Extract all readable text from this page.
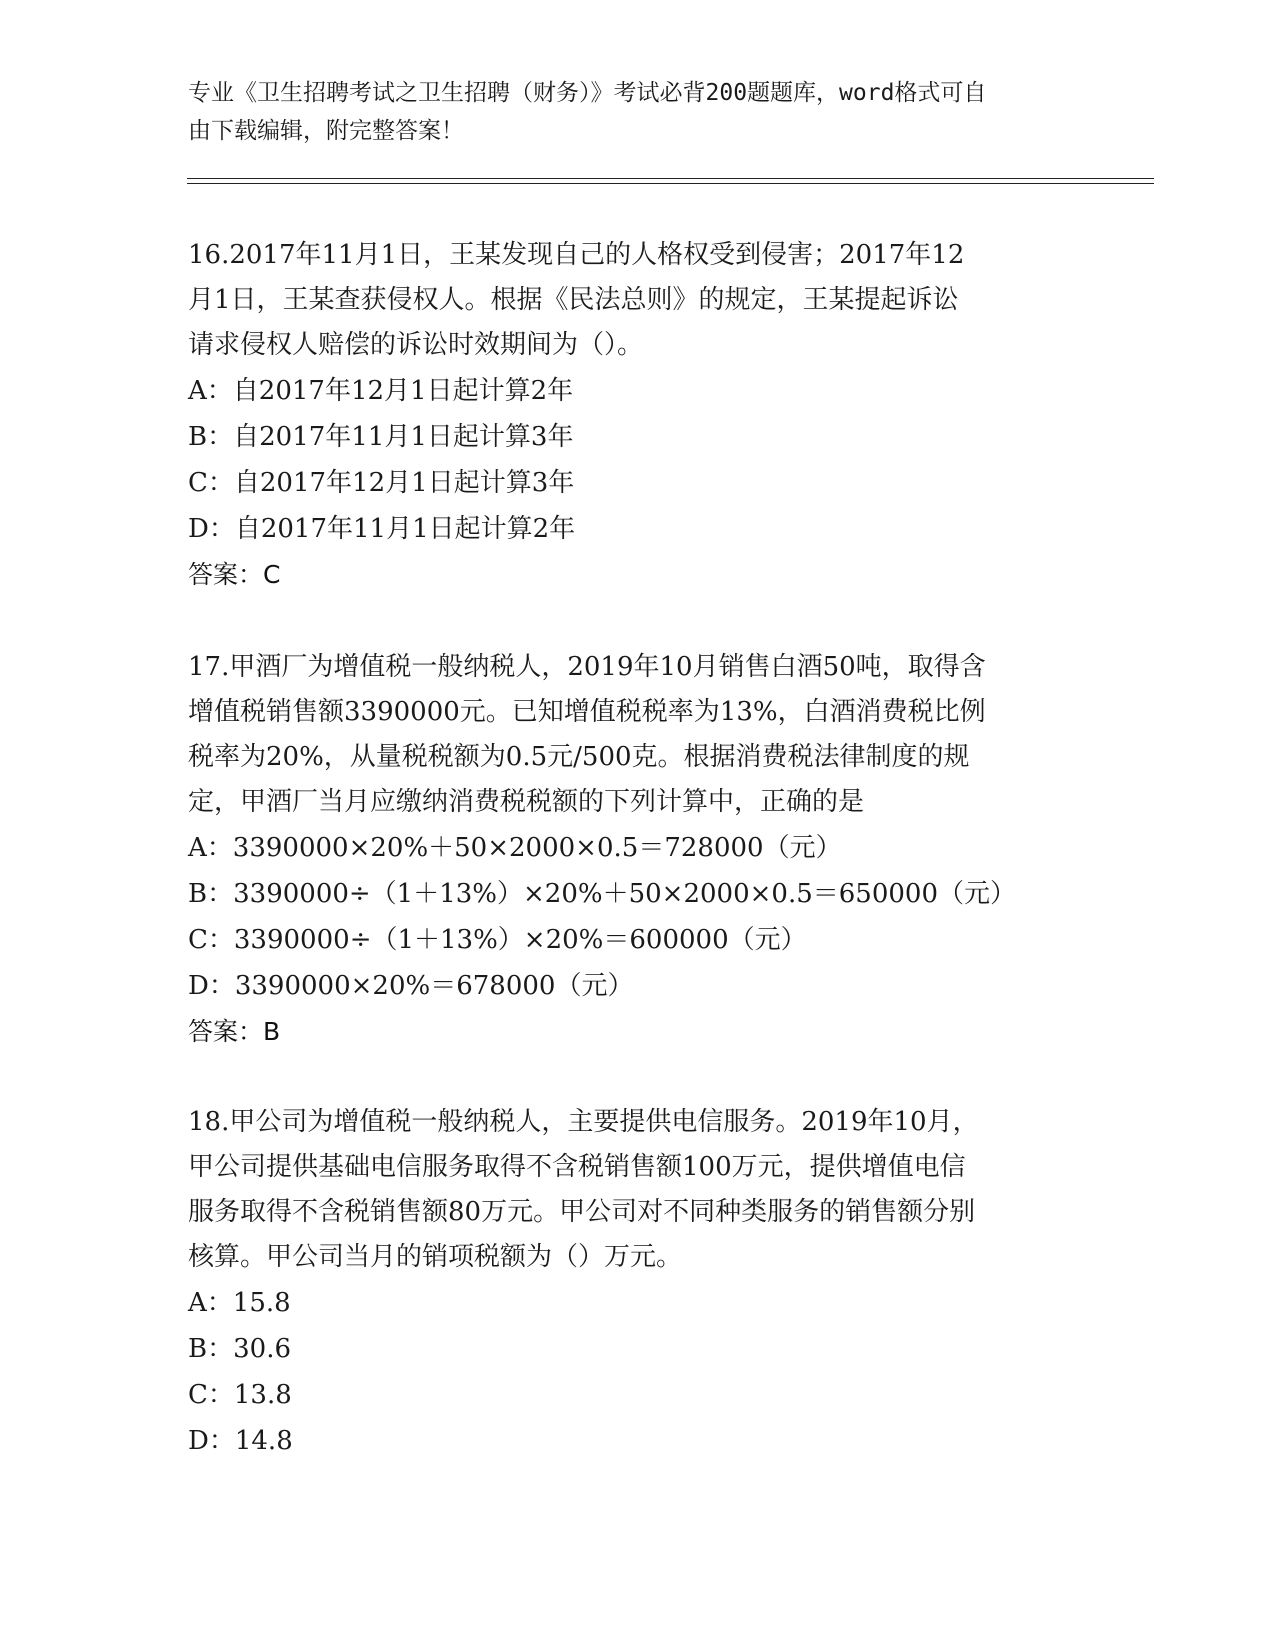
专业《卫生招聘考试之卫生招聘（财务）》考试必背200题题库，word格式可自
由下载编辑，附完整答案！
16.2017年11月1日，王某发现自己的人格权受到侵害；2017年12
月1日，王某查获侵权人。根据《民法总则》的规定，王某提起诉讼
请求侵权人赔偿的诉讼时效期间为（）。
A：自2017年12月1日起计算2年
B：自2017年11月1日起计算3年
C：自2017年12月1日起计算3年
D：自2017年11月1日起计算2年
答案：C
17.甲酒厂为增值税一般纳税人，2019年10月销售白酒50吨，取得含
增值税销售额3390000元。已知增值税税率为13%，白酒消费税比例
税率为20%，从量税税额为0.5元/500克。根据消费税法律制度的规
定，甲酒厂当月应缴纳消费税税额的下列计算中，正确的是
A：3390000×20%＋50×2000×0.5＝728000（元）
B：3390000÷（1＋13%）×20%＋50×2000×0.5＝650000（元）
C：3390000÷（1＋13%）×20%＝600000（元）
D：3390000×20%＝678000（元）
答案：B
18.甲公司为增值税一般纳税人，主要提供电信服务。2019年10月，
甲公司提供基础电信服务取得不含税销售额100万元，提供增值电信
服务取得不含税销售额80万元。甲公司对不同种类服务的销售额分别
核算。甲公司当月的销项税额为（）万元。
A：15.8
B：30.6
C：13.8
D：14.8
